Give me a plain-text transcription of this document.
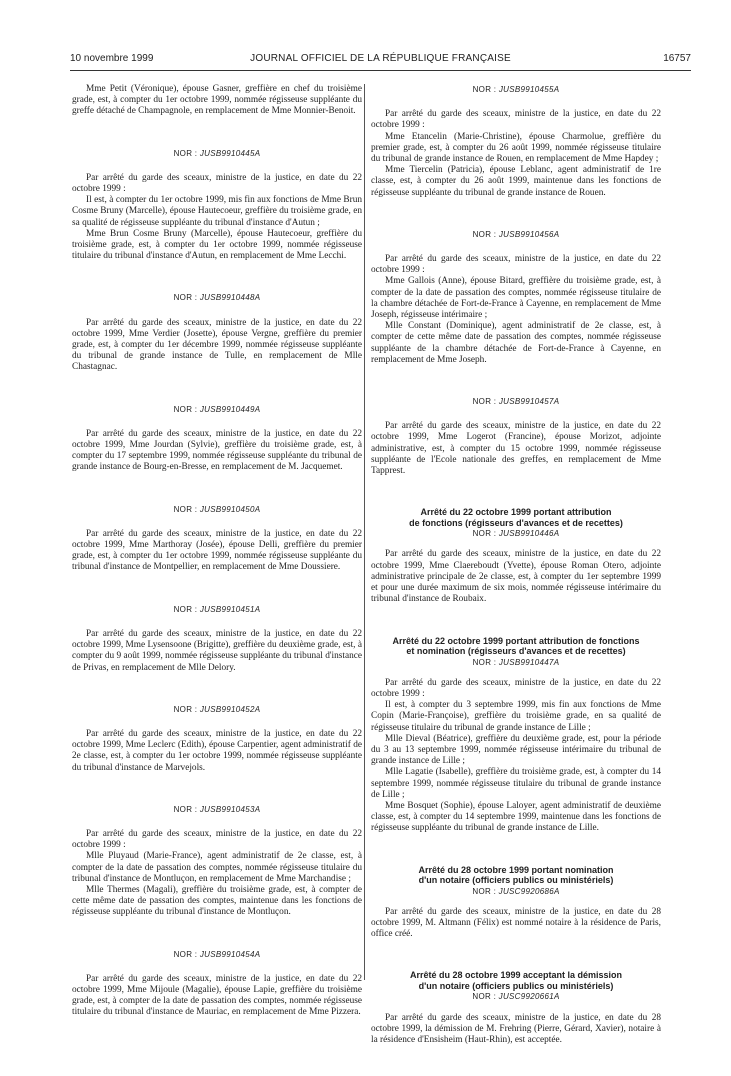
10 novembre 1999	JOURNAL OFFICIEL DE LA RÉPUBLIQUE FRANÇAISE	16757

Mme Petit (Véronique), épouse Gasner, greffière en chef du troisième grade, est, à compter du 1er octobre 1999, nommée régisseuse suppléante du greffe détaché de Champagnole, en remplacement de Mme Monnier-Benoit.

NOR : JUSB9910445A

Par arrêté du garde des sceaux, ministre de la justice, en date du 22 octobre 1999 :

Il est, à compter du 1er octobre 1999, mis fin aux fonctions de Mme Brun Cosme Bruny (Marcelle), épouse Hautecoeur, greffière du troisième grade, en sa qualité de régisseuse suppléante du tribunal d'instance d'Autun ;

Mme Brun Cosme Bruny (Marcelle), épouse Hautecoeur, greffière du troisième grade, est, à compter du 1er octobre 1999, nommée régisseuse titulaire du tribunal d'instance d'Autun, en remplacement de Mme Lecchi.

NOR : JUSB9910448A

Par arrêté du garde des sceaux, ministre de la justice, en date du 22 octobre 1999, Mme Verdier (Josette), épouse Vergne, greffière du premier grade, est, à compter du 1er décembre 1999, nommée régisseuse suppléante du tribunal de grande instance de Tulle, en remplacement de Mlle Chastagnac.

NOR : JUSB9910449A

Par arrêté du garde des sceaux, ministre de la justice, en date du 22 octobre 1999, Mme Jourdan (Sylvie), greffière du troisième grade, est, à compter du 17 septembre 1999, nommée régisseuse suppléante du tribunal de grande instance de Bourg-en-Bresse, en remplacement de M. Jacquemet.

NOR : JUSB9910450A

Par arrêté du garde des sceaux, ministre de la justice, en date du 22 octobre 1999, Mme Marthoray (Josée), épouse Delli, greffière du premier grade, est, à compter du 1er octobre 1999, nommée régisseuse suppléante du tribunal d'instance de Montpellier, en remplacement de Mme Doussiere.

NOR : JUSB9910451A

Par arrêté du garde des sceaux, ministre de la justice, en date du 22 octobre 1999, Mme Lysensoone (Brigitte), greffière du deuxième grade, est, à compter du 9 août 1999, nommée régisseuse suppléante du tribunal d'instance de Privas, en remplacement de Mlle Delory.

NOR : JUSB9910452A

Par arrêté du garde des sceaux, ministre de la justice, en date du 22 octobre 1999, Mme Leclerc (Edith), épouse Carpentier, agent administratif de 2e classe, est, à compter du 1er octobre 1999, nommée régisseuse suppléante du tribunal d'instance de Marvejols.

NOR : JUSB9910453A

Par arrêté du garde des sceaux, ministre de la justice, en date du 22 octobre 1999 :

Mlle Pluyaud (Marie-France), agent administratif de 2e classe, est, à compter de la date de passation des comptes, nommée régisseuse titulaire du tribunal d'instance de Montluçon, en remplacement de Mme Marchandise ;

Mlle Thermes (Magali), greffière du troisième grade, est, à compter de cette même date de passation des comptes, maintenue dans les fonctions de régisseuse suppléante du tribunal d'instance de Montluçon.

NOR : JUSB9910454A

Par arrêté du garde des sceaux, ministre de la justice, en date du 22 octobre 1999, Mme Mijoule (Magalie), épouse Lapie, greffière du troisième grade, est, à compter de la date de passation des comptes, nommée régisseuse titulaire du tribunal d'instance de Mauriac, en remplacement de Mme Pizzera.

NOR : JUSB9910455A

Par arrêté du garde des sceaux, ministre de la justice, en date du 22 octobre 1999 :

Mme Etancelin (Marie-Christine), épouse Charmolue, greffière du premier grade, est, à compter du 26 août 1999, nommée régisseuse titulaire du tribunal de grande instance de Rouen, en remplacement de Mme Hapdey ;

Mme Tiercelin (Patricia), épouse Leblanc, agent administratif de 1re classe, est, à compter du 26 août 1999, maintenue dans les fonctions de régisseuse suppléante du tribunal de grande instance de Rouen.

NOR : JUSB9910456A

Par arrêté du garde des sceaux, ministre de la justice, en date du 22 octobre 1999 :

Mme Gallois (Anne), épouse Bitard, greffière du troisième grade, est, à compter de la date de passation des comptes, nommée régisseuse titulaire de la chambre détachée de Fort-de-France à Cayenne, en remplacement de Mme Joseph, régisseuse intérimaire ;

Mlle Constant (Dominique), agent administratif de 2e classe, est, à compter de cette même date de passation des comptes, nommée régisseuse suppléante de la chambre détachée de Fort-de-France à Cayenne, en remplacement de Mme Joseph.

NOR : JUSB9910457A

Par arrêté du garde des sceaux, ministre de la justice, en date du 22 octobre 1999, Mme Logerot (Francine), épouse Morizot, adjointe administrative, est, à compter du 15 octobre 1999, nommée régisseuse suppléante de l'Ecole nationale des greffes, en remplacement de Mme Tapprest.

Arrêté du 22 octobre 1999 portant attribution
de fonctions (régisseurs d'avances et de recettes)
NOR : JUSB9910446A

Par arrêté du garde des sceaux, ministre de la justice, en date du 22 octobre 1999, Mme Claereboudt (Yvette), épouse Roman Otero, adjointe administrative principale de 2e classe, est, à compter du 1er septembre 1999 et pour une durée maximum de six mois, nommée régisseuse intérimaire du tribunal d'instance de Roubaix.

Arrêté du 22 octobre 1999 portant attribution de fonctions
et nomination (régisseurs d'avances et de recettes)
NOR : JUSB9910447A

Par arrêté du garde des sceaux, ministre de la justice, en date du 22 octobre 1999 :

Il est, à compter du 3 septembre 1999, mis fin aux fonctions de Mme Copin (Marie-Françoise), greffière du troisième grade, en sa qualité de régisseuse titulaire du tribunal de grande instance de Lille ;

Mlle Dieval (Béatrice), greffière du deuxième grade, est, pour la période du 3 au 13 septembre 1999, nommée régisseuse intérimaire du tribunal de grande instance de Lille ;

Mlle Lagatie (Isabelle), greffière du troisième grade, est, à compter du 14 septembre 1999, nommée régisseuse titulaire du tribunal de grande instance de Lille ;

Mme Bosquet (Sophie), épouse Laloyer, agent administratif de deuxième classe, est, à compter du 14 septembre 1999, maintenue dans les fonctions de régisseuse suppléante du tribunal de grande instance de Lille.

Arrêté du 28 octobre 1999 portant nomination
d'un notaire (officiers publics ou ministériels)
NOR : JUSC9920686A

Par arrêté du garde des sceaux, ministre de la justice, en date du 28 octobre 1999, M. Altmann (Félix) est nommé notaire à la résidence de Paris, office créé.

Arrêté du 28 octobre 1999 acceptant la démission
d'un notaire (officiers publics ou ministériels)
NOR : JUSC9920661A

Par arrêté du garde des sceaux, ministre de la justice, en date du 28 octobre 1999, la démission de M. Frehring (Pierre, Gérard, Xavier), notaire à la résidence d'Ensisheim (Haut-Rhin), est acceptée.
